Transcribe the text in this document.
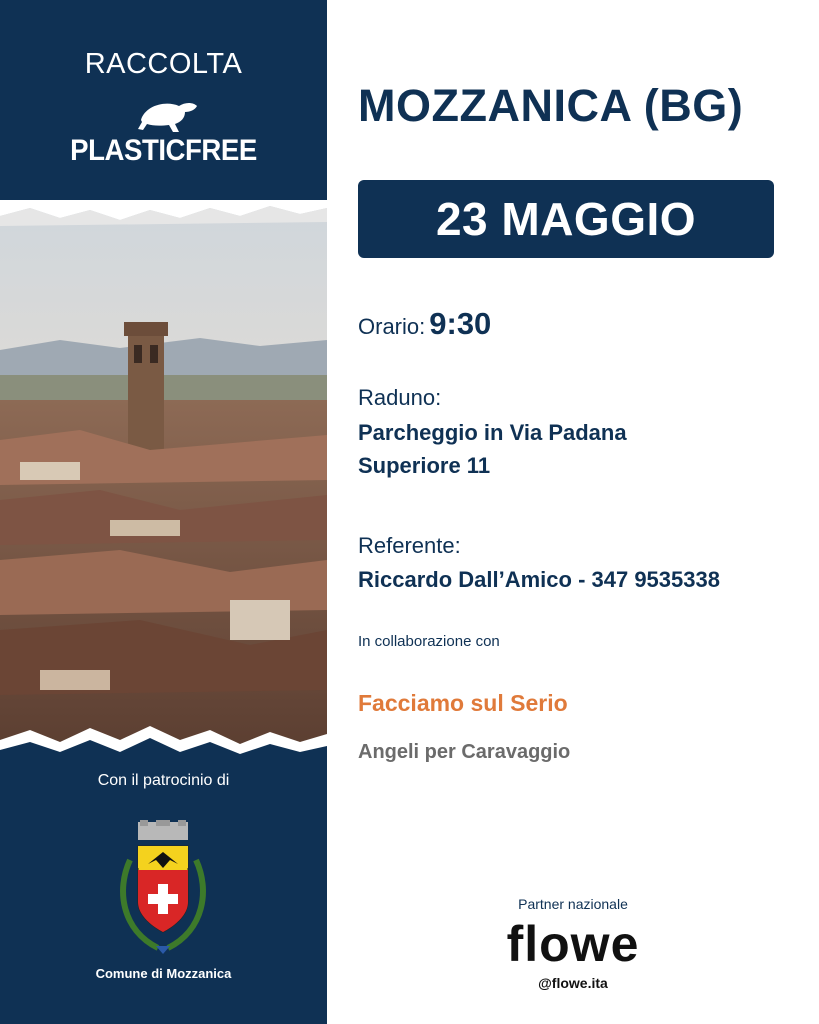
RACCOLTA
PLASTICFREE
Con il patrocinio di
Comune di Mozzanica
MOZZANICA (BG)
23 MAGGIO
Orario: 9:30
Raduno:
Parcheggio in Via Padana
Superiore 11
Referente:
Riccardo Dall’Amico - 347 9535338
In collaborazione con
Facciamo sul Serio
Angeli per Caravaggio
Partner nazionale
flowe
@flowe.ita
